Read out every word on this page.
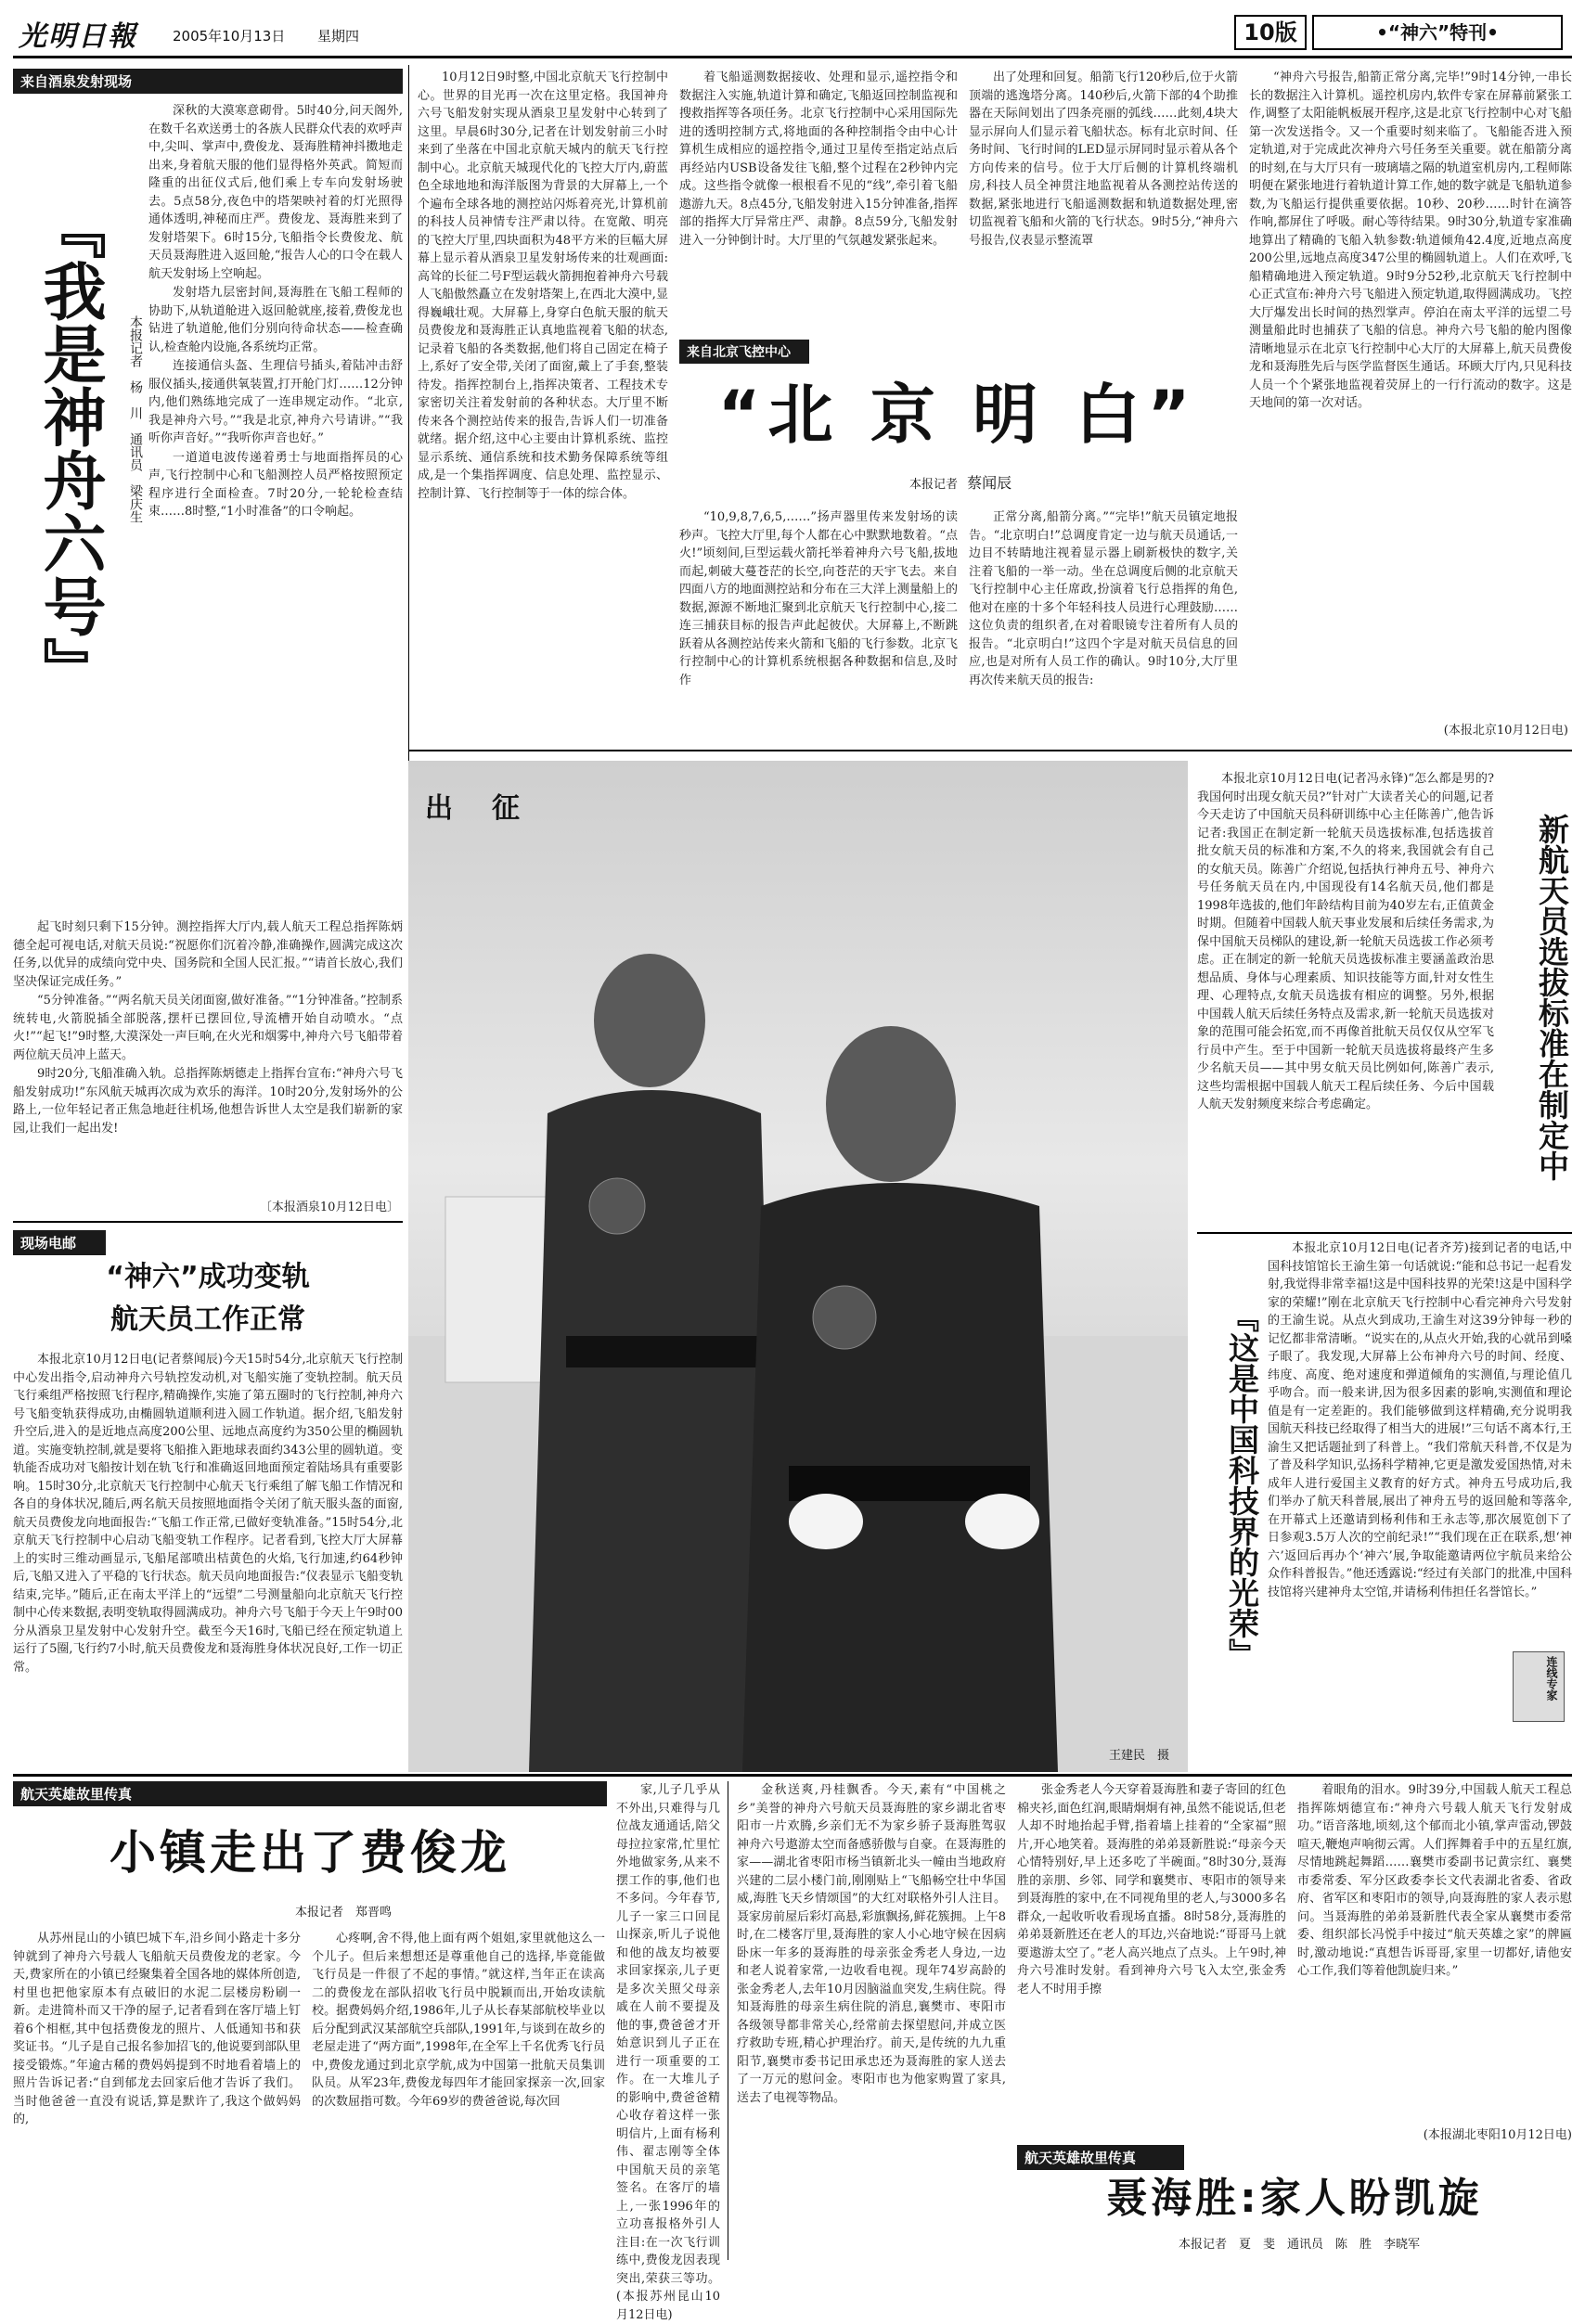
光明日報	2005年10月13日 星期四	10版	•“神六”特刊•
来自酒泉发射现场
『我是神舟六号』	本报记者　杨　川　通讯员　梁庆生

深秋的大漠寒意砌骨。5时40分,问天阁外,在数千名欢送勇士的各族人民群众代表的欢呼声中,尖叫、掌声中,费俊龙、聂海胜精神抖擞地走出来,身着航天服的他们显得格外英武。简短而隆重的出征仪式后,他们乘上专车向发射场驶去。5点58分,夜色中的塔架映衬着的灯光照得通体透明,神秘而庄严。费俊龙、聂海胜来到了发射塔架下。6时15分,飞船指令长费俊龙、航天员聂海胜进入返回舱,“报告人心的口令在载人航天发射场上空响起。

发射塔九层密封间,聂海胜在飞船工程师的协助下,从轨道舱进入返回舱就座,接着,费俊龙也钻进了轨道舱,他们分别向待命状态——检查确认,检查舱内设施,各系统均正常。

连接通信头盔、生理信号插头,着陆冲击舒服仪插头,接通供氧装置,打开舱门灯……12分钟内,他们熟练地完成了一连串规定动作。“北京,我是神舟六号。”“我是北京,神舟六号请讲。”“我听你声音好。”“我听你声音也好。”

一道道电波传递着勇士与地面指挥员的心声,飞行控制中心和飞船测控人员严格按照预定程序进行全面检查。7时20分,一轮轮检查结束……8时整,“1小时准备”的口令响起。

起飞时刻只剩下15分钟。测控指挥大厅内,载人航天工程总指挥陈炳德全起可视电话,对航天员说:“祝愿你们沉着冷静,准确操作,圆满完成这次任务,以优异的成绩向党中央、国务院和全国人民汇报。”“请首长放心,我们坚决保证完成任务。”

“5分钟准备。”“两名航天员关闭面窗,做好准备。”“1分钟准备。”控制系统转电,火箭脱插全部脱落,摆杆已摆回位,导流槽开始自动喷水。“点火!”“起飞!”9时整,大漠深处一声巨响,在火光和烟雾中,神舟六号飞船带着两位航天员冲上蓝天。

9时20分,飞船准确入轨。总指挥陈炳德走上指挥台宣布:“神舟六号飞船发射成功!”东风航天城再次成为欢乐的海洋。10时20分,发射场外的公路上,一位年轻记者正焦急地赶往机场,他想告诉世人太空是我们崭新的家园,让我们一起出发!

〔本报酒泉10月12日电〕

10月12日9时整,中国北京航天飞行控制中心。世界的目光再一次在这里定格。我国神舟六号飞船发射实现从酒泉卫星发射中心转到了这里。早晨6时30分,记者在计划发射前三小时来到了坐落在中国北京航天城内的航天飞行控制中心。北京航天城现代化的飞控大厅内,蔚蓝色全球地地和海洋版图为背景的大屏幕上,一个个遍布全球各地的测控站闪烁着亮光,计算机前的科技人员神情专注严肃以待。在宽敞、明亮的飞控大厅里,四块面积为48平方米的巨幅大屏幕上显示着从酒泉卫星发射场传来的壮观画面:高耸的长征二号F型运载火箭拥抱着神舟六号载人飞船傲然矗立在发射塔架上,在西北大漠中,显得巍峨壮观。大屏幕上,身穿白色航天服的航天员费俊龙和聂海胜正认真地监视着飞船的状态,记录着飞船的各类数据,他们将自己固定在椅子上,系好了安全带,关闭了面窗,戴上了手套,整装待发。指挥控制台上,指挥决策者、工程技术专家密切关注着发射前的各种状态。大厅里不断传来各个测控站传来的报告,告诉人们一切准备就绪。据介绍,这中心主要由计算机系统、监控显示系统、通信系统和技术勤务保障系统等组成,是一个集指挥调度、信息处理、监控显示、控制计算、飞行控制等于一体的综合体。

着飞船遥测数据接收、处理和显示,遥控指令和数据注入实施,轨道计算和确定,飞船返回控制监视和搜救指挥等各项任务。北京飞行控制中心采用国际先进的透明控制方式,将地面的各种控制指令由中心计算机生成相应的遥控指令,通过卫星传至指定站点后再经站内USB设备发往飞船,整个过程在2秒钟内完成。这些指令就像一根根看不见的“线”,牵引着飞船遨游九天。8点45分,飞船发射进入15分钟准备,指挥部的指挥大厅异常庄严、肃静。8点59分,飞船发射进入一分钟倒计时。大厅里的气氛越发紧张起来。

出了处理和回复。船箭飞行120秒后,位于火箭顶端的逃逸塔分离。140秒后,火箭下部的4个助推器在天际间划出了四条亮丽的弧线……此刻,4块大显示屏向人们显示着飞船状态。标有北京时间、任务时间、飞行时间的LED显示屏同时显示着从各个方向传来的信号。位于大厅后侧的计算机终端机房,科技人员全神贯注地监视着从各测控站传送的数据,紧张地进行飞船遥测数据和轨道数据处理,密切监视着飞船和火箭的飞行状态。9时5分,“神舟六号报告,仪表显示整流罩

来自北京飞控中心
“北 京 明 白”
本报记者 蔡闻辰

“10,9,8,7,6,5,……”扬声器里传来发射场的读秒声。飞控大厅里,每个人都在心中默默地数着。“点火!”顷刻间,巨型运载火箭托举着神舟六号飞船,拔地而起,刺破大蔓苍茫的长空,向苍茫的天宇飞去。来自四面八方的地面测控站和分布在三大洋上测量船上的数据,源源不断地汇聚到北京航天飞行控制中心,接二连三捕获目标的报告声此起彼伏。大屏幕上,不断跳跃着从各测控站传来火箭和飞船的飞行参数。北京飞行控制中心的计算机系统根据各种数据和信息,及时作

正常分离,船箭分离。”“完毕!”航天员镇定地报告。“北京明白!”总调度肯定一边与航天员通话,一边目不转睛地注视着显示器上刷新极快的数字,关注着飞船的一举一动。坐在总调度后侧的北京航天飞行控制中心主任席政,扮演着飞行总指挥的角色,他对在座的十多个年轻科技人员进行心理鼓励……这位负责的组织者,在对着眼镜专注着所有人员的报告。“北京明白!”这四个字是对航天员信息的回应,也是对所有人员工作的确认。9时10分,大厅里再次传来航天员的报告:

“神舟六号报告,船箭正常分离,完毕!”9时14分钟,一串长长的数据注入计算机。遥控机房内,软件专家在屏幕前紧张工作,调整了太阳能帆板展开程序,这是北京飞行控制中心对飞船第一次发送指令。又一个重要时刻来临了。飞船能否进入预定轨道,对于完成此次神舟六号任务至关重要。就在船箭分离的时刻,在与大厅只有一玻璃墙之隔的轨道室机房内,工程师陈明便在紧张地进行着轨道计算工作,她的数字就是飞船轨道参数,为飞船运行提供重要依据。10秒、20秒……时针在滴答作响,都屏住了呼吸。耐心等待结果。9时30分,轨道专家准确地算出了精确的飞船入轨参数:轨道倾角42.4度,近地点高度200公里,远地点高度347公里的椭圆轨道上。人们在欢呼,飞船精确地进入预定轨道。9时9分52秒,北京航天飞行控制中心正式宣布:神舟六号飞船进入预定轨道,取得圆满成功。飞控大厅爆发出长时间的热烈掌声。停泊在南太平洋的远望二号测量船此时也捕获了飞船的信息。神舟六号飞船的舱内图像清晰地显示在北京飞行控制中心大厅的大屏幕上,航天员费俊龙和聂海胜先后与医学监督医生通话。环顾大厅内,只见科技人员一个个紧张地监视着荧屏上的一行行流动的数字。这是天地间的第一次对话。

(本报北京10月12日电)
出　征
王建民　摄
现场电邮
“神六”成功变轨
航天员工作正常

本报北京10月12日电(记者蔡闻辰)今天15时54分,北京航天飞行控制中心发出指令,启动神舟六号轨控发动机,对飞船实施了变轨控制。航天员飞行乘组严格按照飞行程序,精确操作,实施了第五圈时的飞行控制,神舟六号飞船变轨获得成功,由椭圆轨道顺利进入圆工作轨道。据介绍,飞船发射升空后,进入的是近地点高度200公里、远地点高度约为350公里的椭圆轨道。实施变轨控制,就是要将飞船推入距地球表面约343公里的圆轨道。变轨能否成功对飞船按计划在轨飞行和准确返回地面预定着陆场具有重要影响。15时30分,北京航天飞行控制中心航天飞行乘组了解飞船工作情况和各自的身体状况,随后,两名航天员按照地面指令关闭了航天服头盔的面窗,航天员费俊龙向地面报告:“飞船工作正常,已做好变轨准备。”15时54分,北京航天飞行控制中心启动飞船变轨工作程序。记者看到,飞控大厅大屏幕上的实时三维动画显示,飞船尾部喷出桔黄色的火焰,飞行加速,约64秒钟后,飞船又进入了平稳的飞行状态。航天员向地面报告:“仪表显示飞船变轨结束,完毕。”随后,正在南太平洋上的“远望”二号测量船向北京航天飞行控制中心传来数据,表明变轨取得圆满成功。神舟六号飞船于今天上午9时00分从酒泉卫星发射中心发射升空。截至今天16时,飞船已经在预定轨道上运行了5圈,飞行约7小时,航天员费俊龙和聂海胜身体状况良好,工作一切正常。

本报北京10月12日电(记者冯永锋)“怎么都是男的?我国何时出现女航天员?”针对广大读者关心的问题,记者今天走访了中国航天员科研训练中心主任陈善广,他告诉记者:我国正在制定新一轮航天员选拔标准,包括选拔首批女航天员的标准和方案,不久的将来,我国就会有自己的女航天员。陈善广介绍说,包括执行神舟五号、神舟六号任务航天员在内,中国现役有14名航天员,他们都是1998年选拔的,他们年龄结构目前为40岁左右,正值黄金时期。但随着中国载人航天事业发展和后续任务需求,为保中国航天员梯队的建设,新一轮航天员选拔工作必须考虑。正在制定的新一轮航天员选拔标准主要涵盖政治思想品质、身体与心理素质、知识技能等方面,针对女性生理、心理特点,女航天员选拔有相应的调整。另外,根据中国载人航天后续任务特点及需求,新一轮航天员选拔对象的范围可能会拓宽,而不再像首批航天员仅仅从空军飞行员中产生。至于中国新一轮航天员选拔将最终产生多少名航天员——其中男女航天员比例如何,陈善广表示,这些均需根据中国载人航天工程后续任务、今后中国载人航天发射频度来综合考虑确定。	新航天员选拔标准在制定中
『这是中国科技界的光荣』

本报北京10月12日电(记者齐芳)接到记者的电话,中国科技馆馆长王渝生第一句话就说:“能和总书记一起看发射,我觉得非常幸福!这是中国科技界的光荣!这是中国科学家的荣耀!”刚在北京航天飞行控制中心看完神舟六号发射的王渝生说。从点火到成功,王渝生对这39分钟每一秒的记忆都非常清晰。“说实在的,从点火开始,我的心就吊到嗓子眼了。我发现,大屏幕上公布神舟六号的时间、经度、纬度、高度、绝对速度和弹道倾角的实测值,与理论值几乎吻合。而一般来讲,因为很多因素的影响,实测值和理论值是有一定差距的。我们能够做到这样精确,充分说明我国航天科技已经取得了相当大的进展!”三句话不离本行,王渝生又把话题扯到了科普上。“我们常航天科普,不仅是为了普及科学知识,弘扬科学精神,它更是激发爱国热情,对未成年人进行爱国主义教育的好方式。神舟五号成功后,我们举办了航天科普展,展出了神舟五号的返回舱和等落伞,在开幕式上还邀请到杨利伟和王永志等,那次展览创下了日参观3.5万人次的空前纪录!”“我们现在正在联系,想‘神六’返回后再办个‘神六’展,争取能邀请两位宇航员来给公众作科普报告。”他还透露说:“经过有关部门的批准,中国科技馆将兴建神舟太空馆,并请杨利伟担任名誉馆长。”

连线专家
航天英雄故里传真
小镇走出了费俊龙
本报记者　郑晋鸣

从苏州昆山的小镇巴城下车,沿乡间小路走十多分钟就到了神舟六号载人飞船航天员费俊龙的老家。今天,费家所在的小镇已经聚集着全国各地的媒体所创造,村里也把他家原本有点破旧的水泥二层楼房粉刷一新。走进简朴而又干净的屋子,记者看到在客厅墙上钉着6个相框,其中包括费俊龙的照片、人低通知书和获奖证书。“儿子是自己报名参加招飞的,他说要到部队里接受锻炼。”年逾古稀的费妈妈提到不时地看着墙上的照片告诉记者:“自到郁龙去回家后他才告诉了我们。当时他爸爸一直没有说话,算是默许了,我这个做妈妈的,

心疼啊,舍不得,他上面有两个姐姐,家里就他这么一个儿子。但后来想想还是尊重他自己的选择,毕竟能做飞行员是一件很了不起的事情。”就这样,当年正在读高二的费俊龙在部队招收飞行员中脱颖而出,开始攻读航校。据费妈妈介绍,1986年,儿子从长春某部航校毕业以后分配到武汉某部航空兵部队,1991年,与谈到在故乡的老屋走进了“两方面”,1998年,在全军上千名优秀飞行员中,费俊龙通过到北京学航,成为中国第一批航天员集训队员。从军23年,费俊龙每四年才能回家探亲一次,回家的次数屈指可数。今年69岁的费爸爸说,每次回

家,儿子几乎从不外出,只难得与几位战友通通话,陪父母拉拉家常,忙里忙外地做家务,从来不摆工作的事,他们也不多问。今年春节,儿子一家三口回昆山探亲,听儿子说他和他的战友均被要求回家探亲,儿子更是多次关照父母亲戚在人前不要提及他的事,费爸爸才开始意识到儿子正在进行一项重要的工作。在一大堆儿子的影响中,费爸爸精心收存着这样一张明信片,上面有杨利伟、翟志刚等全体中国航天员的亲笔签名。在客厅的墙上,一张1996年的立功喜报格外引人注目:在一次飞行训练中,费俊龙因表现突出,荣获三等功。(本报苏州昆山10月12日电)

金秋送爽,丹桂飘香。今天,素有“中国桃之乡”美誉的神舟六号航天员聂海胜的家乡湖北省枣阳市一片欢腾,乡亲们无不为家乡骄子聂海胜驾驭神舟六号遨游太空而备感骄傲与自豪。在聂海胜的家——湖北省枣阳市杨当镇新北头一幢由当地政府兴建的二层小楼门前,刚刚贴上“飞船畅空壮中华国威,海胜飞天乡情颂国”的大红对联格外引人注目。聂家房前屋后彩灯高悬,彩旗飘扬,鲜花簇拥。上午8时,在二楼客厅里,聂海胜的家人小心地守候在因病卧床一年多的聂海胜的母亲张金秀老人身边,一边和老人说着家常,一边收看电视。现年74岁高龄的张金秀老人,去年10月因脑溢血突发,生病住院。得知聂海胜的母亲生病住院的消息,襄樊市、枣阳市各级领导都非常关心,经常前去探望慰问,并成立医疗救助专班,精心护理治疗。前天,是传统的九九重阳节,襄樊市委书记田承忠还为聂海胜的家人送去了一万元的慰问金。枣阳市也为他家购置了家具,送去了电视等物品。

张金秀老人今天穿着聂海胜和妻子寄回的红色棉夹衫,面色红润,眼睛炯炯有神,虽然不能说话,但老人却不时地抬起手臂,指着墙上挂着的“全家福”照片,开心地笑着。聂海胜的弟弟聂新胜说:“母亲今天心情特别好,早上还多吃了半碗面。”8时30分,聂海胜的亲朋、乡邻、同学和襄樊市、枣阳市的领导来到聂海胜的家中,在不同视角里的老人,与3000多名群众,一起收听收看现场直播。8时58分,聂海胜的弟弟聂新胜还在老人的耳边,兴奋地说:“哥哥马上就要遨游太空了。”老人高兴地点了点头。上午9时,神舟六号准时发射。看到神舟六号飞入太空,张金秀老人不时用手擦

着眼角的泪水。9时39分,中国载人航天工程总指挥陈炳德宣布:“神舟六号载人航天飞行发射成功。”语音落地,顷刻,这个郁而北小镇,掌声雷动,锣鼓喧天,鞭炮声响彻云霄。人们挥舞着手中的五星红旗,尽情地跳起舞蹈……襄樊市委副书记黄宗红、襄樊市委常委、军分区政委李长文代表湖北省委、省政府、省军区和枣阳市的领导,向聂海胜的家人表示慰问。当聂海胜的弟弟聂新胜代表全家从襄樊市委常委、组织部长冯悦手中接过“航天英雄之家”的牌匾时,激动地说:“真想告诉哥哥,家里一切都好,请他安心工作,我们等着他凯旋归来。”

(本报湖北枣阳10月12日电)
航天英雄故里传真
聂海胜:家人盼凯旋
本报记者　夏　斐　通讯员　陈　胜　李晓军
